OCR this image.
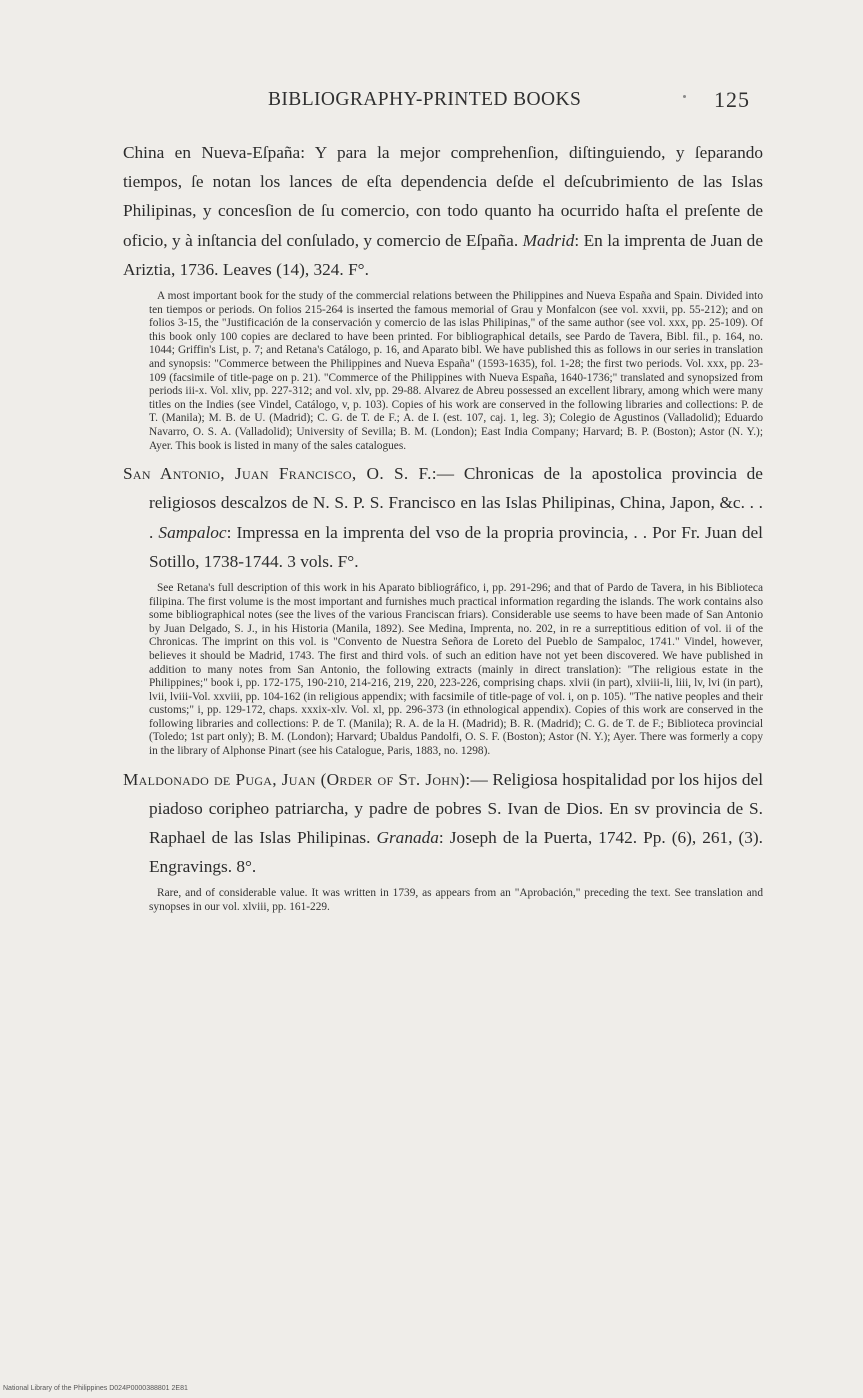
BIBLIOGRAPHY-PRINTED BOOKS	125

China en Nueva-Eſpaña: Y para la mejor comprehenſion, diſtinguiendo, y ſeparando tiempos, ſe notan los lances de eſta dependencia deſde el deſcubrimiento de las Islas Philipinas, y concesſion de ſu comercio, con todo quanto ha ocurrido haſta el preſente de oficio, y à inſtancia del conſulado, y comercio de Eſpaña. Madrid: En la imprenta de Juan de Ariztia, 1736. Leaves (14), 324. F°.

A most important book for the study of the commercial relations between the Philippines and Nueva España and Spain. Divided into ten tiempos or periods. On folios 215-264 is inserted the famous memorial of Grau y Monfalcon (see vol. xxvii, pp. 55-212); and on folios 3-15, the "Justificación de la conservación y comercio de las islas Philipinas," of the same author (see vol. xxx, pp. 25-109). Of this book only 100 copies are declared to have been printed. For bibliographical details, see Pardo de Tavera, Bibl. fil., p. 164, no. 1044; Griffin's List, p. 7; and Retana's Catálogo, p. 16, and Aparato bibl. We have published this as follows in our series in translation and synopsis: "Commerce between the Philippines and Nueva España" (1593-1635), fol. 1-28; the first two periods. Vol. xxx, pp. 23-109 (facsimile of title-page on p. 21). "Commerce of the Philippines with Nueva España, 1640-1736;" translated and synopsized from periods iii-x. Vol. xliv, pp. 227-312; and vol. xlv, pp. 29-88. Alvarez de Abreu possessed an excellent library, among which were many titles on the Indies (see Vindel, Catálogo, v, p. 103). Copies of his work are conserved in the following libraries and collections: P. de T. (Manila); M. B. de U. (Madrid); C. G. de T. de F.; A. de I. (est. 107, caj. 1, leg. 3); Colegio de Agustinos (Valladolid); Eduardo Navarro, O. S. A. (Valladolid); University of Sevilla; B. M. (London); East India Company; Harvard; B. P. (Boston); Astor (N. Y.); Ayer. This book is listed in many of the sales catalogues.

San Antonio, Juan Francisco, O. S. F.:— Chronicas de la apostolica provincia de religiosos descalzos de N. S. P. S. Francisco en las Islas Philipinas, China, Japon, &c. . . . Sampaloc: Impressa en la imprenta del vso de la propria provincia, . . Por Fr. Juan del Sotillo, 1738-1744. 3 vols. F°.

See Retana's full description of this work in his Aparato bibliográfico, i, pp. 291-296; and that of Pardo de Tavera, in his Biblioteca filipina. The first volume is the most important and furnishes much practical information regarding the islands. The work contains also some bibliographical notes (see the lives of the various Franciscan friars). Considerable use seems to have been made of San Antonio by Juan Delgado, S. J., in his Historia (Manila, 1892). See Medina, Imprenta, no. 202, in re a surreptitious edition of vol. ii of the Chronicas. The imprint on this vol. is "Convento de Nuestra Señora de Loreto del Pueblo de Sampaloc, 1741." Vindel, however, believes it should be Madrid, 1743. The first and third vols. of such an edition have not yet been discovered. We have published in addition to many notes from San Antonio, the following extracts (mainly in direct translation): "The religious estate in the Philippines;" book i, pp. 172-175, 190-210, 214-216, 219, 220, 223-226, comprising chaps. xlvii (in part), xlviii-li, liii, lv, lvi (in part), lvii, lviii-Vol. xxviii, pp. 104-162 (in religious appendix; with facsimile of title-page of vol. i, on p. 105). "The native peoples and their customs;" i, pp. 129-172, chaps. xxxix-xlv. Vol. xl, pp. 296-373 (in ethnological appendix). Copies of this work are conserved in the following libraries and collections: P. de T. (Manila); R. A. de la H. (Madrid); B. R. (Madrid); C. G. de T. de F.; Biblioteca provincial (Toledo; 1st part only); B. M. (London); Harvard; Ubaldus Pandolfi, O. S. F. (Boston); Astor (N. Y.); Ayer. There was formerly a copy in the library of Alphonse Pinart (see his Catalogue, Paris, 1883, no. 1298).

Maldonado de Puga, Juan (Order of St. John):— Religiosa hospitalidad por los hijos del piadoso coripheo patriarcha, y padre de pobres S. Ivan de Dios. En sv provincia de S. Raphael de las Islas Philipinas. Granada: Joseph de la Puerta, 1742. Pp. (6), 261, (3). Engravings. 8°.

Rare, and of considerable value. It was written in 1739, as appears from an "Aprobación," preceding the text. See translation and synopses in our vol. xlviii, pp. 161-229.

National Library of the Philippines D024P0000388801 2E81
